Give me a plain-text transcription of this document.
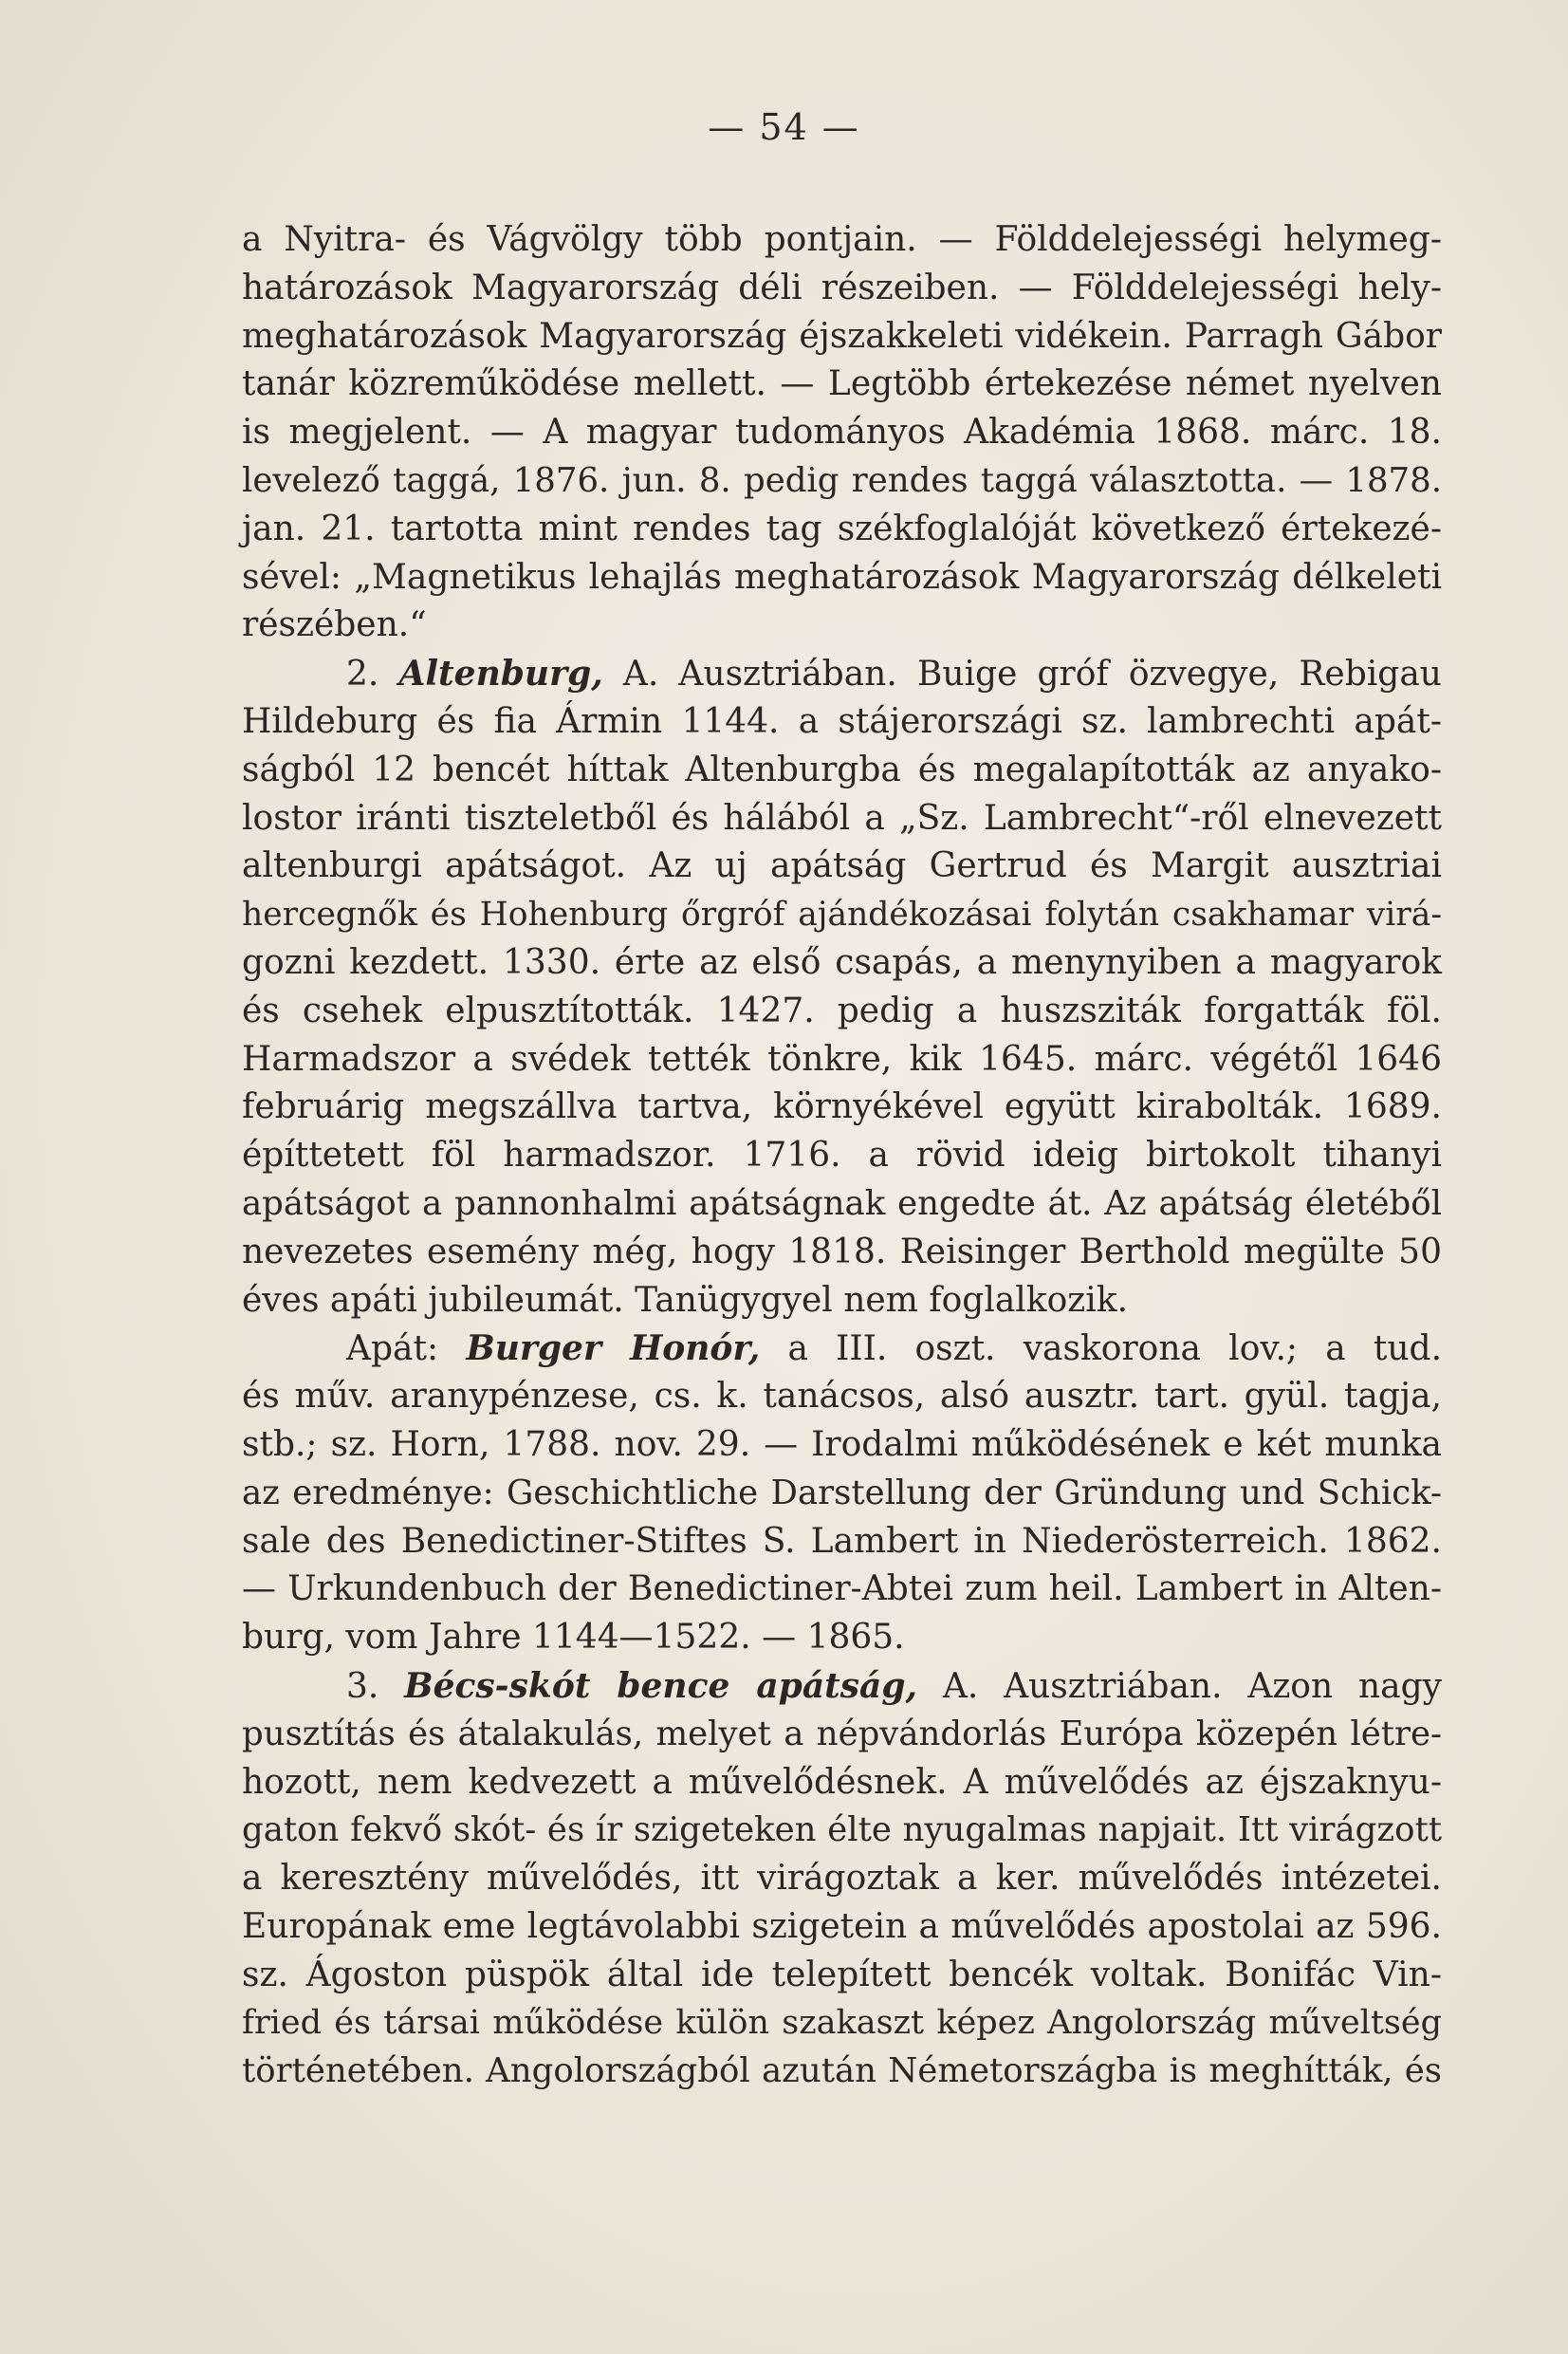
— 54 —
a Nyitra- és Vágvölgy több pontjain. — Földdelejességi helymeg-
határozások Magyarország déli részeiben. — Földdelejességi hely-
meghatározások Magyarország éjszakkeleti vidékein. Parragh Gábor
tanár közreműködése mellett. — Legtöbb értekezése német nyelven
is megjelent. — A magyar tudományos Akadémia 1868. márc. 18.
levelező taggá, 1876. jun. 8. pedig rendes taggá választotta. — 1878.
jan. 21. tartotta mint rendes tag székfoglalóját következő értekezé-
sével: „Magnetikus lehajlás meghatározások Magyarország délkeleti
részében.“
2. Altenburg, A. Ausztriában. Buige gróf özvegye, Rebigau
Hildeburg és fia Ármin 1144. a stájerországi sz. lambrechti apát-
ságból 12 bencét híttak Altenburgba és megalapították az anyako-
lostor iránti tiszteletből és hálából a „Sz. Lambrecht“-ről elnevezett
altenburgi apátságot. Az uj apátság Gertrud és Margit ausztriai
hercegnők és Hohenburg őrgróf ajándékozásai folytán csakhamar virá-
gozni kezdett. 1330. érte az első csapás, a menynyiben a magyarok
és csehek elpusztították. 1427. pedig a huszsziták forgatták föl.
Harmadszor a svédek tették tönkre, kik 1645. márc. végétől 1646
februárig megszállva tartva, környékével együtt kirabolták. 1689.
építtetett föl harmadszor. 1716. a rövid ideig birtokolt tihanyi
apátságot a pannonhalmi apátságnak engedte át. Az apátság életéből
nevezetes esemény még, hogy 1818. Reisinger Berthold megülte 50
éves apáti jubileumát. Tanügygyel nem foglalkozik.
Apát: Burger Honór, a III. oszt. vaskorona lov.; a tud.
és műv. aranypénzese, cs. k. tanácsos, alsó ausztr. tart. gyül. tagja,
stb.; sz. Horn, 1788. nov. 29. — Irodalmi működésének e két munka
az eredménye: Geschichtliche Darstellung der Gründung und Schick-
sale des Benedictiner-Stiftes S. Lambert in Niederösterreich. 1862.
— Urkundenbuch der Benedictiner-Abtei zum heil. Lambert in Alten-
burg, vom Jahre 1144—1522. — 1865.
3. Bécs-skót bence apátság, A. Ausztriában. Azon nagy
pusztítás és átalakulás, melyet a népvándorlás Európa közepén létre-
hozott, nem kedvezett a művelődésnek. A művelődés az éjszaknyu-
gaton fekvő skót- és ír szigeteken élte nyugalmas napjait. Itt virágzott
a keresztény művelődés, itt virágoztak a ker. művelődés intézetei.
Europának eme legtávolabbi szigetein a művelődés apostolai az 596.
sz. Ágoston püspök által ide telepített bencék voltak. Bonifác Vin-
fried és társai működése külön szakaszt képez Angolország műveltség
történetében. Angolországból azután Németországba is meghítták, és
